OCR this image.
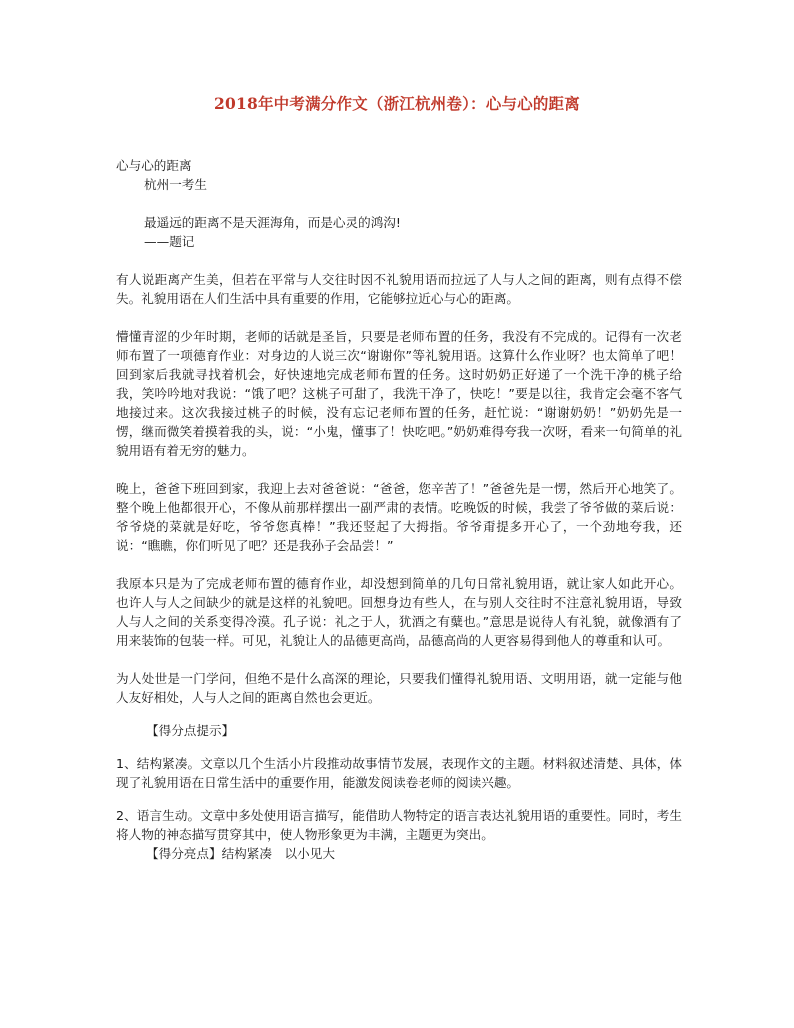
2018年中考满分作文（浙江杭州卷）：心与心的距离

心与心的距离

杭州一考生

最遥远的距离不是天涯海角，而是心灵的鸿沟!

——题记

有人说距离产生美，但若在平常与人交往时因不礼貌用语而拉远了人与人之间的距离，则有点得不偿失。礼貌用语在人们生活中具有重要的作用，它能够拉近心与心的距离。

懵懂青涩的少年时期，老师的话就是圣旨，只要是老师布置的任务，我没有不完成的。记得有一次老师布置了一项德育作业：对身边的人说三次“谢谢你”等礼貌用语。这算什么作业呀？也太简单了吧！回到家后我就寻找着机会，好快速地完成老师布置的任务。这时奶奶正好递了一个洗干净的桃子给我，笑吟吟地对我说：“饿了吧？这桃子可甜了，我洗干净了，快吃！”要是以往，我肯定会毫不客气地接过来。这次我接过桃子的时候，没有忘记老师布置的任务，赶忙说：“谢谢奶奶！”奶奶先是一愣，继而微笑着摸着我的头，说：“小鬼，懂事了！快吃吧。”奶奶难得夸我一次呀，看来一句简单的礼貌用语有着无穷的魅力。

晚上，爸爸下班回到家，我迎上去对爸爸说：“爸爸，您辛苦了！”爸爸先是一愣，然后开心地笑了。整个晚上他都很开心，不像从前那样摆出一副严肃的表情。吃晚饭的时候，我尝了爷爷做的菜后说：爷爷烧的菜就是好吃，爷爷您真棒！”我还竖起了大拇指。爷爷甭提多开心了，一个劲地夸我，还说：“瞧瞧，你们听见了吧？还是我孙子会品尝！”

我原本只是为了完成老师布置的德育作业，却没想到简单的几句日常礼貌用语，就让家人如此开心。也许人与人之间缺少的就是这样的礼貌吧。回想身边有些人，在与别人交往时不注意礼貌用语，导致人与人之间的关系变得冷漠。孔子说：礼之于人，犹酒之有糵也。”意思是说待人有礼貌，就像酒有了用来装饰的包装一样。可见，礼貌让人的品德更高尚，品德高尚的人更容易得到他人的尊重和认可。

为人处世是一门学问，但绝不是什么高深的理论，只要我们懂得礼貌用语、文明用语，就一定能与他人友好相处，人与人之间的距离自然也会更近。

【得分点提示】

1、结构紧凑。文章以几个生活小片段推动故事情节发展，表现作文的主题。材料叙述清楚、具体，体现了礼貌用语在日常生活中的重要作用，能激发阅读卷老师的阅读兴趣。

2、语言生动。文章中多处使用语言描写，能借助人物特定的语言表达礼貌用语的重要性。同时，考生将人物的神态描写贯穿其中，使人物形象更为丰满，主题更为突出。

【得分亮点】结构紧凑　以小见大
